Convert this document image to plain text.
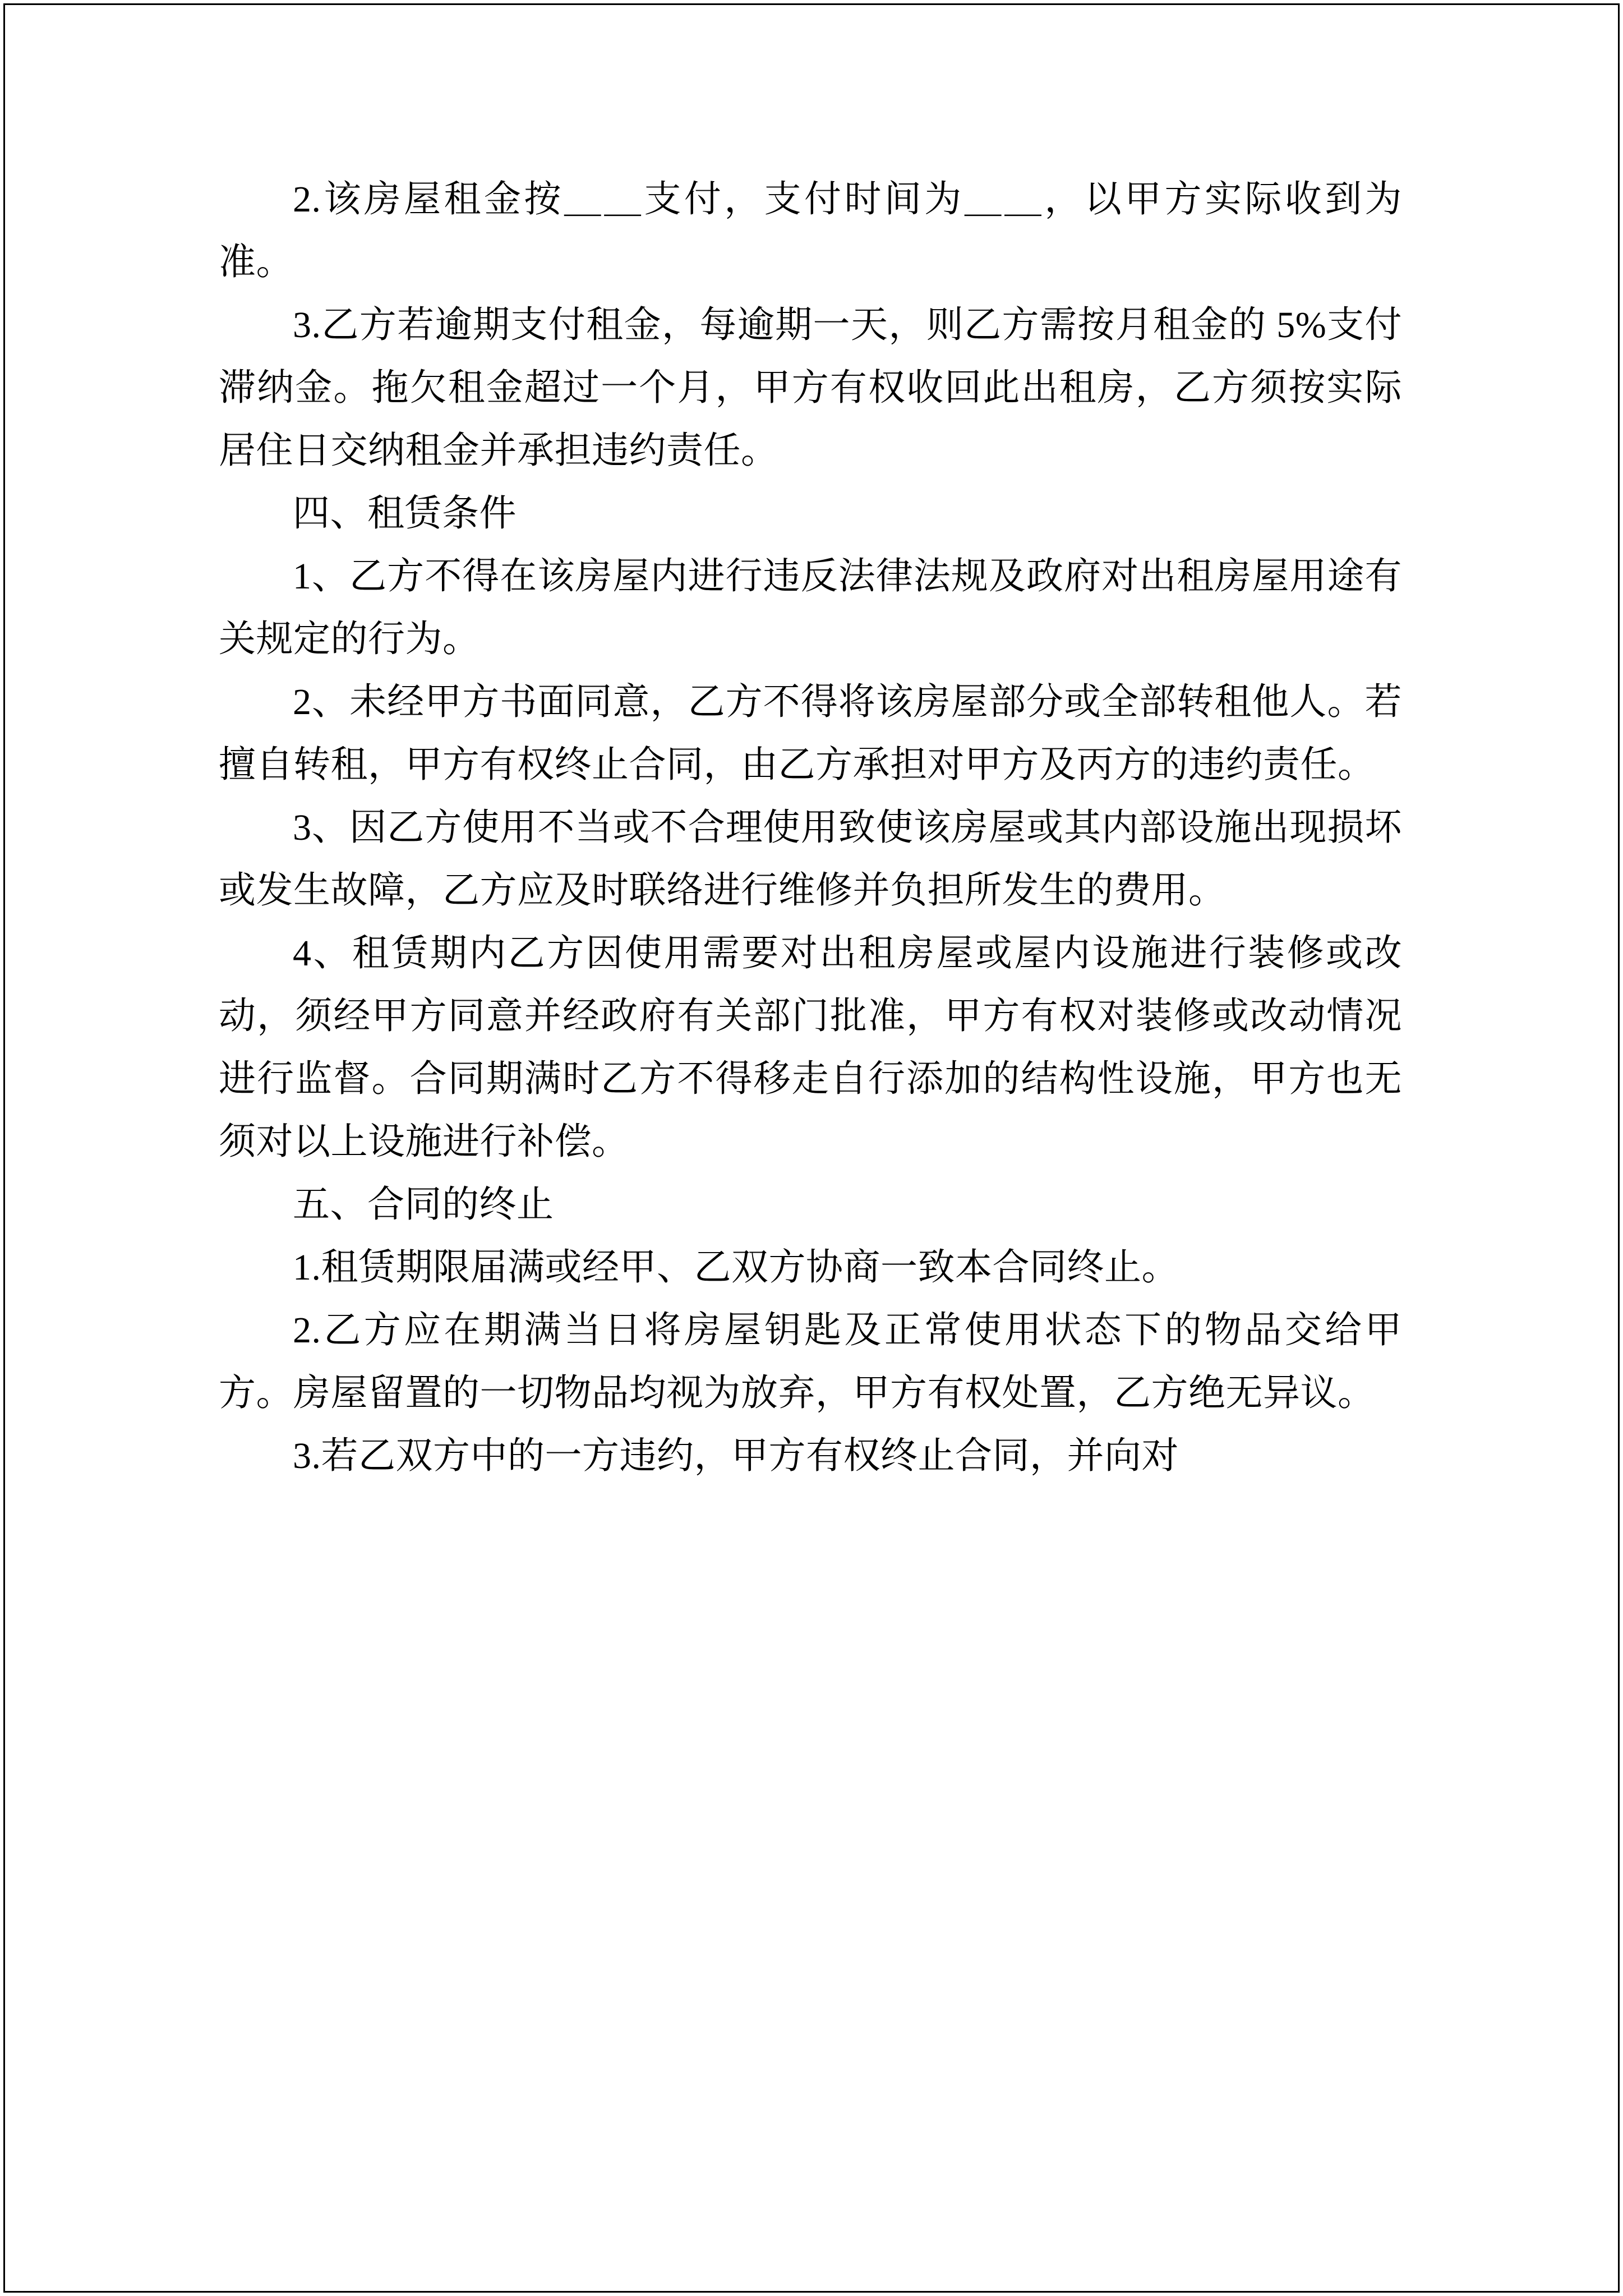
2.该房屋租金按＿＿支付，支付时间为＿＿，以甲方实际收到为准。

3.乙方若逾期支付租金，每逾期一天，则乙方需按月租金的 5%支付滞纳金。拖欠租金超过一个月，甲方有权收回此出租房，乙方须按实际居住日交纳租金并承担违约责任。

四、租赁条件

1、乙方不得在该房屋内进行违反法律法规及政府对出租房屋用途有关规定的行为。

2、未经甲方书面同意，乙方不得将该房屋部分或全部转租他人。若擅自转租，甲方有权终止合同，由乙方承担对甲方及丙方的违约责任。

3、因乙方使用不当或不合理使用致使该房屋或其内部设施出现损坏或发生故障，乙方应及时联络进行维修并负担所发生的费用。

4、租赁期内乙方因使用需要对出租房屋或屋内设施进行装修或改动，须经甲方同意并经政府有关部门批准，甲方有权对装修或改动情况进行监督。合同期满时乙方不得移走自行添加的结构性设施，甲方也无须对以上设施进行补偿。

五、合同的终止

1.租赁期限届满或经甲、乙双方协商一致本合同终止。

2.乙方应在期满当日将房屋钥匙及正常使用状态下的物品交给甲方。房屋留置的一切物品均视为放弃，甲方有权处置，乙方绝无异议。

3.若乙双方中的一方违约，甲方有权终止合同，并向对
